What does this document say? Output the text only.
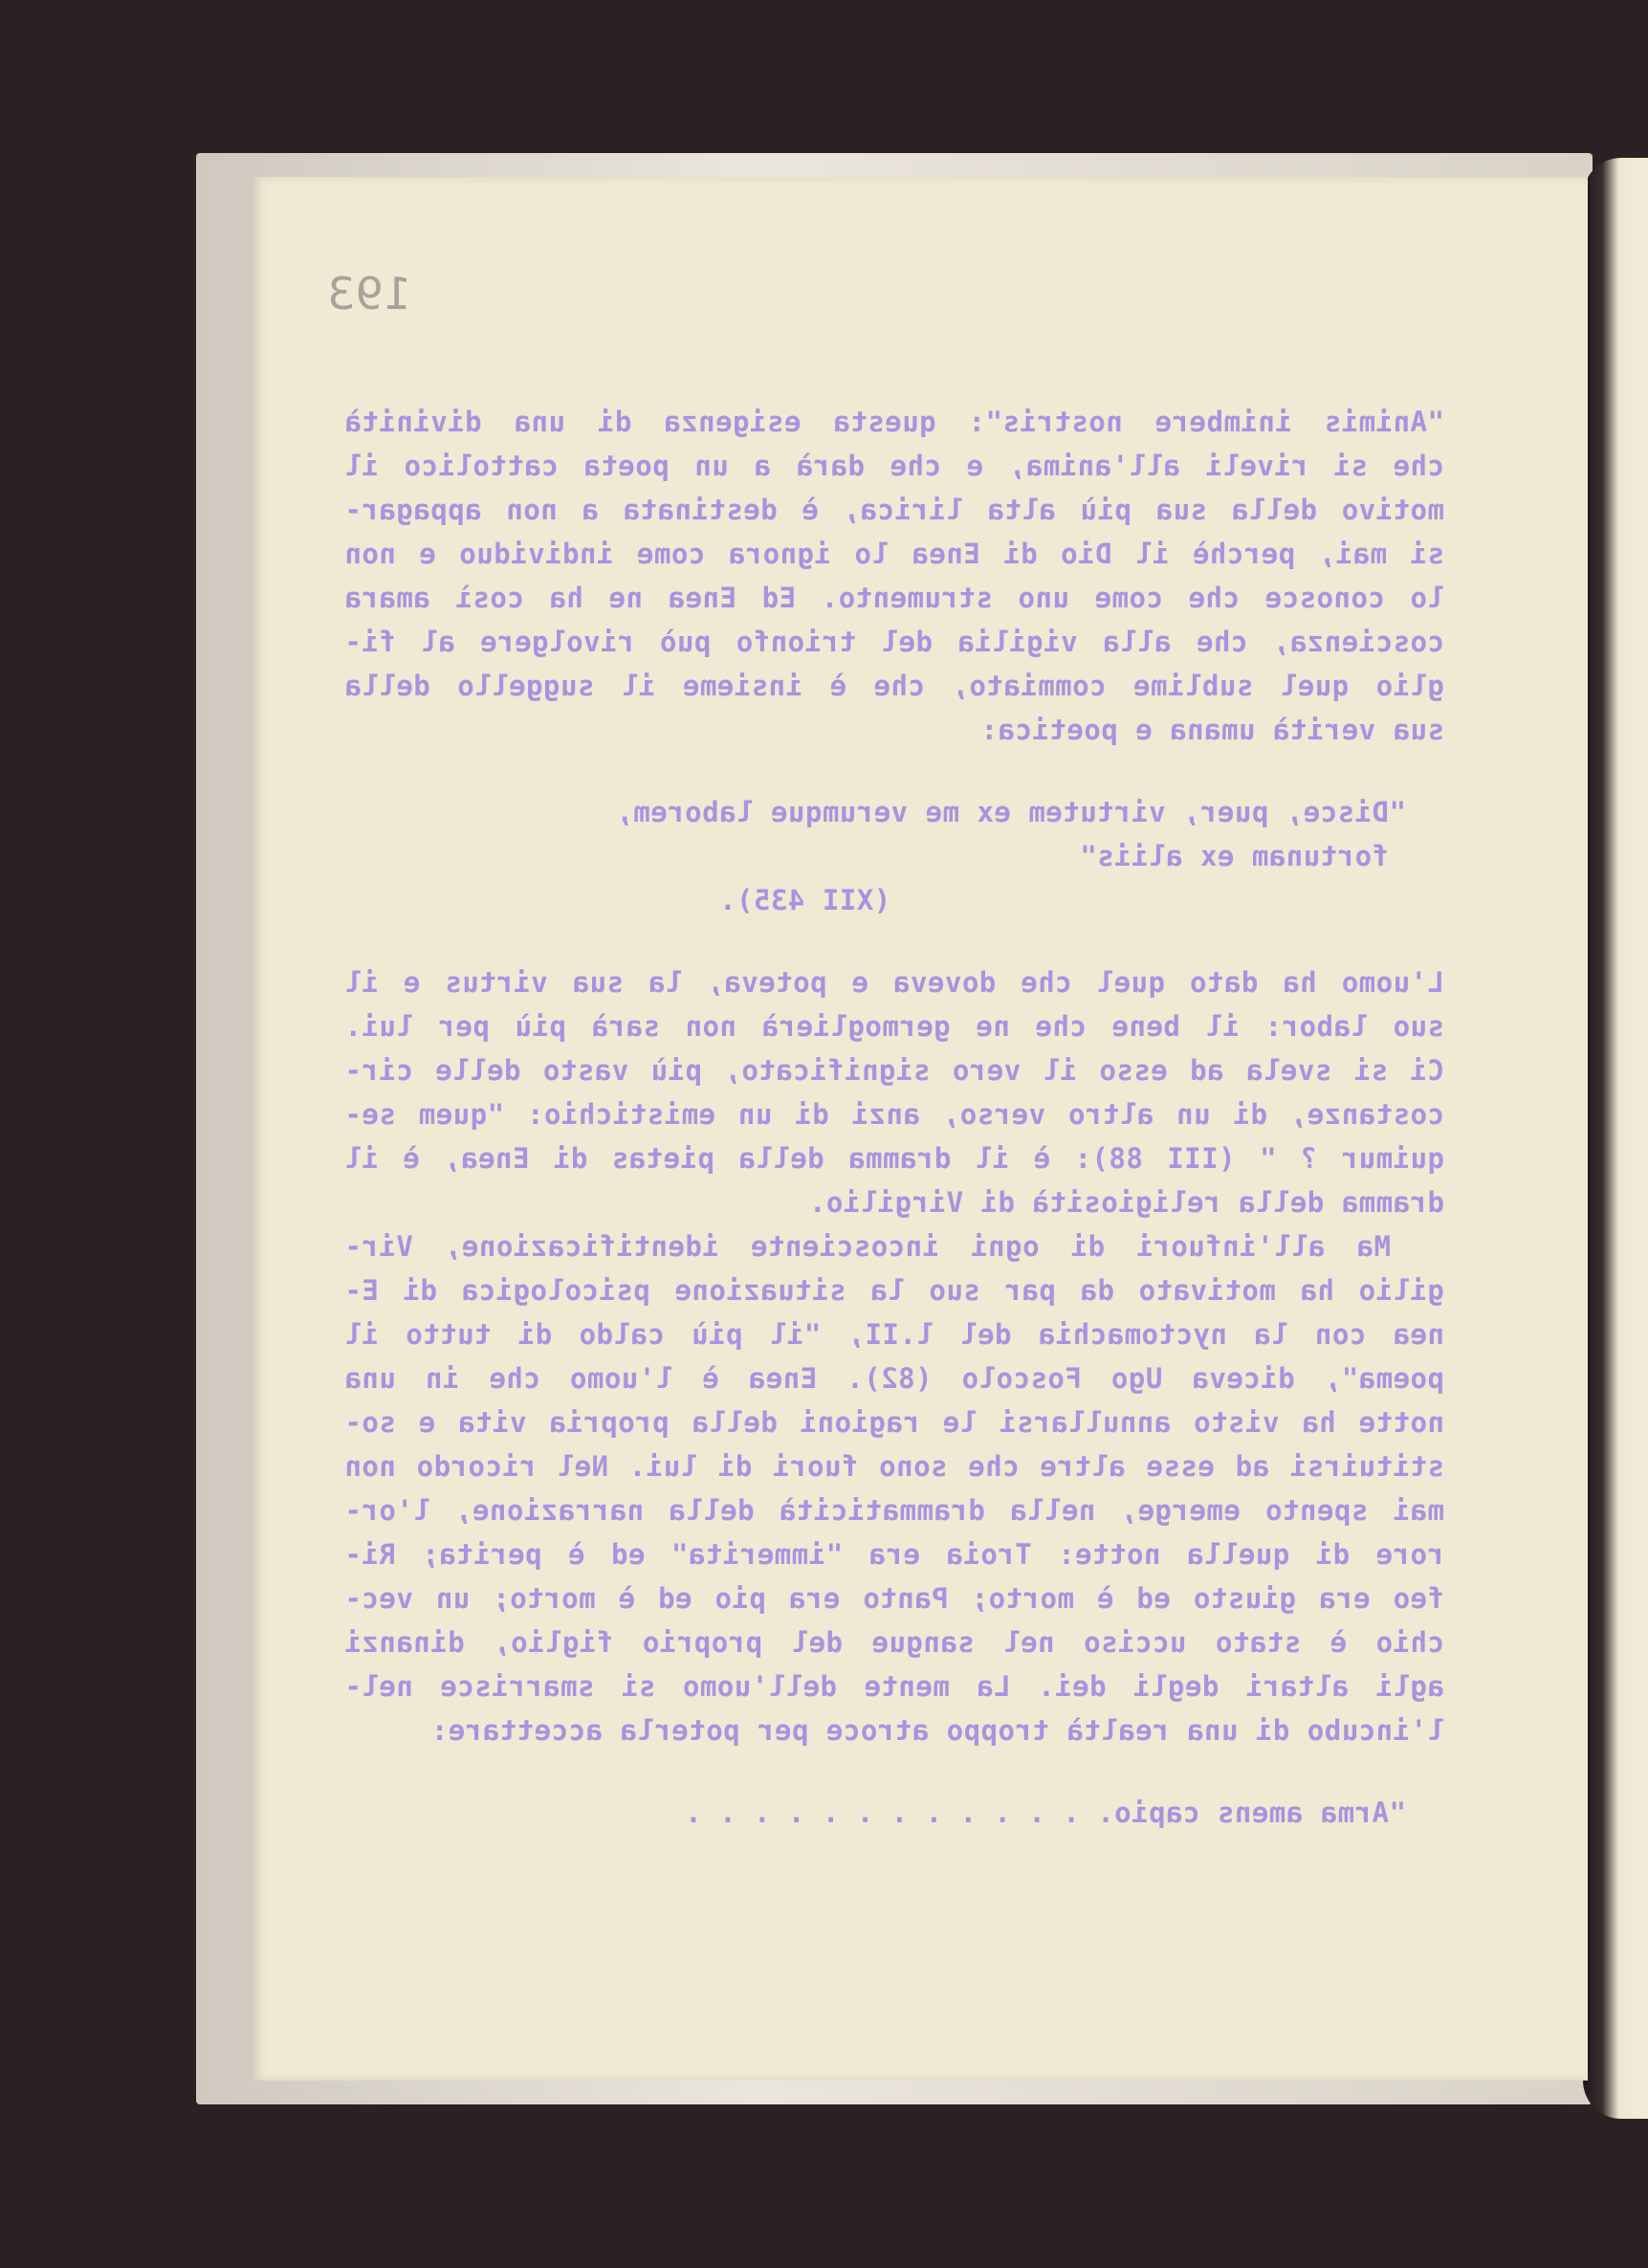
193
"Animis inimbere nostris": questa esigenza di una divinità
che si riveli all'anima, e che darà a un poeta cattolico il
motivo della sua più alta lirica, è destinata a non appagar-
si mai, perchè il Dio di Enea lo ignora come individuo e non
lo conosce che come uno strumento. Ed Enea ne ha così amara
coscienza, che alla vigilia del trionfo può rivolgere al fi-
glio quel sublime commiato, che è insieme il suggello della
sua verità umana e poetica:
"Disce, puer, virtutem ex me verumque laborem,
fortunam ex aliis"
(XII 435).
L'uomo ha dato quel che doveva e poteva, la sua virtus e il
suo labor: il bene che ne germoglierà non sarà più per lui.
Ci si svela ad esso il vero significato, più vasto delle cir-
costanze, di un altro verso, anzi di un emistichio: "quem se-
quimur ? " (III 88): è il dramma della pietas di Enea, è il
dramma della religiosità di Virgilio.
Ma all'infuori di ogni incosciente identificazione, Vir-
gilio ha motivato da par suo la situazione psicologica di E-
nea con la nyctomachia del l.II, "il più caldo di tutto il
poema", diceva Ugo Foscolo (82). Enea è l'uomo che in una
notte ha visto annullarsi le ragioni della propria vita e so-
stituirsi ad esse altre che sono fuori di lui. Nel ricordo non
mai spento emerge, nella drammaticità della narrazione, l'or-
rore di quella notte: Troia era "immerita" ed è perita; Ri-
feo era giusto ed è morto; Panto era pio ed è morto; un vec-
chio è stato ucciso nel sangue del proprio figlio, dinanzi
agli altari degli dei. La mente dell'uomo si smarrisce nel-
l'incubo di una realtà troppo atroce per poterla accettare:
"Arma amens capio. . . . . . . . . . . . .
